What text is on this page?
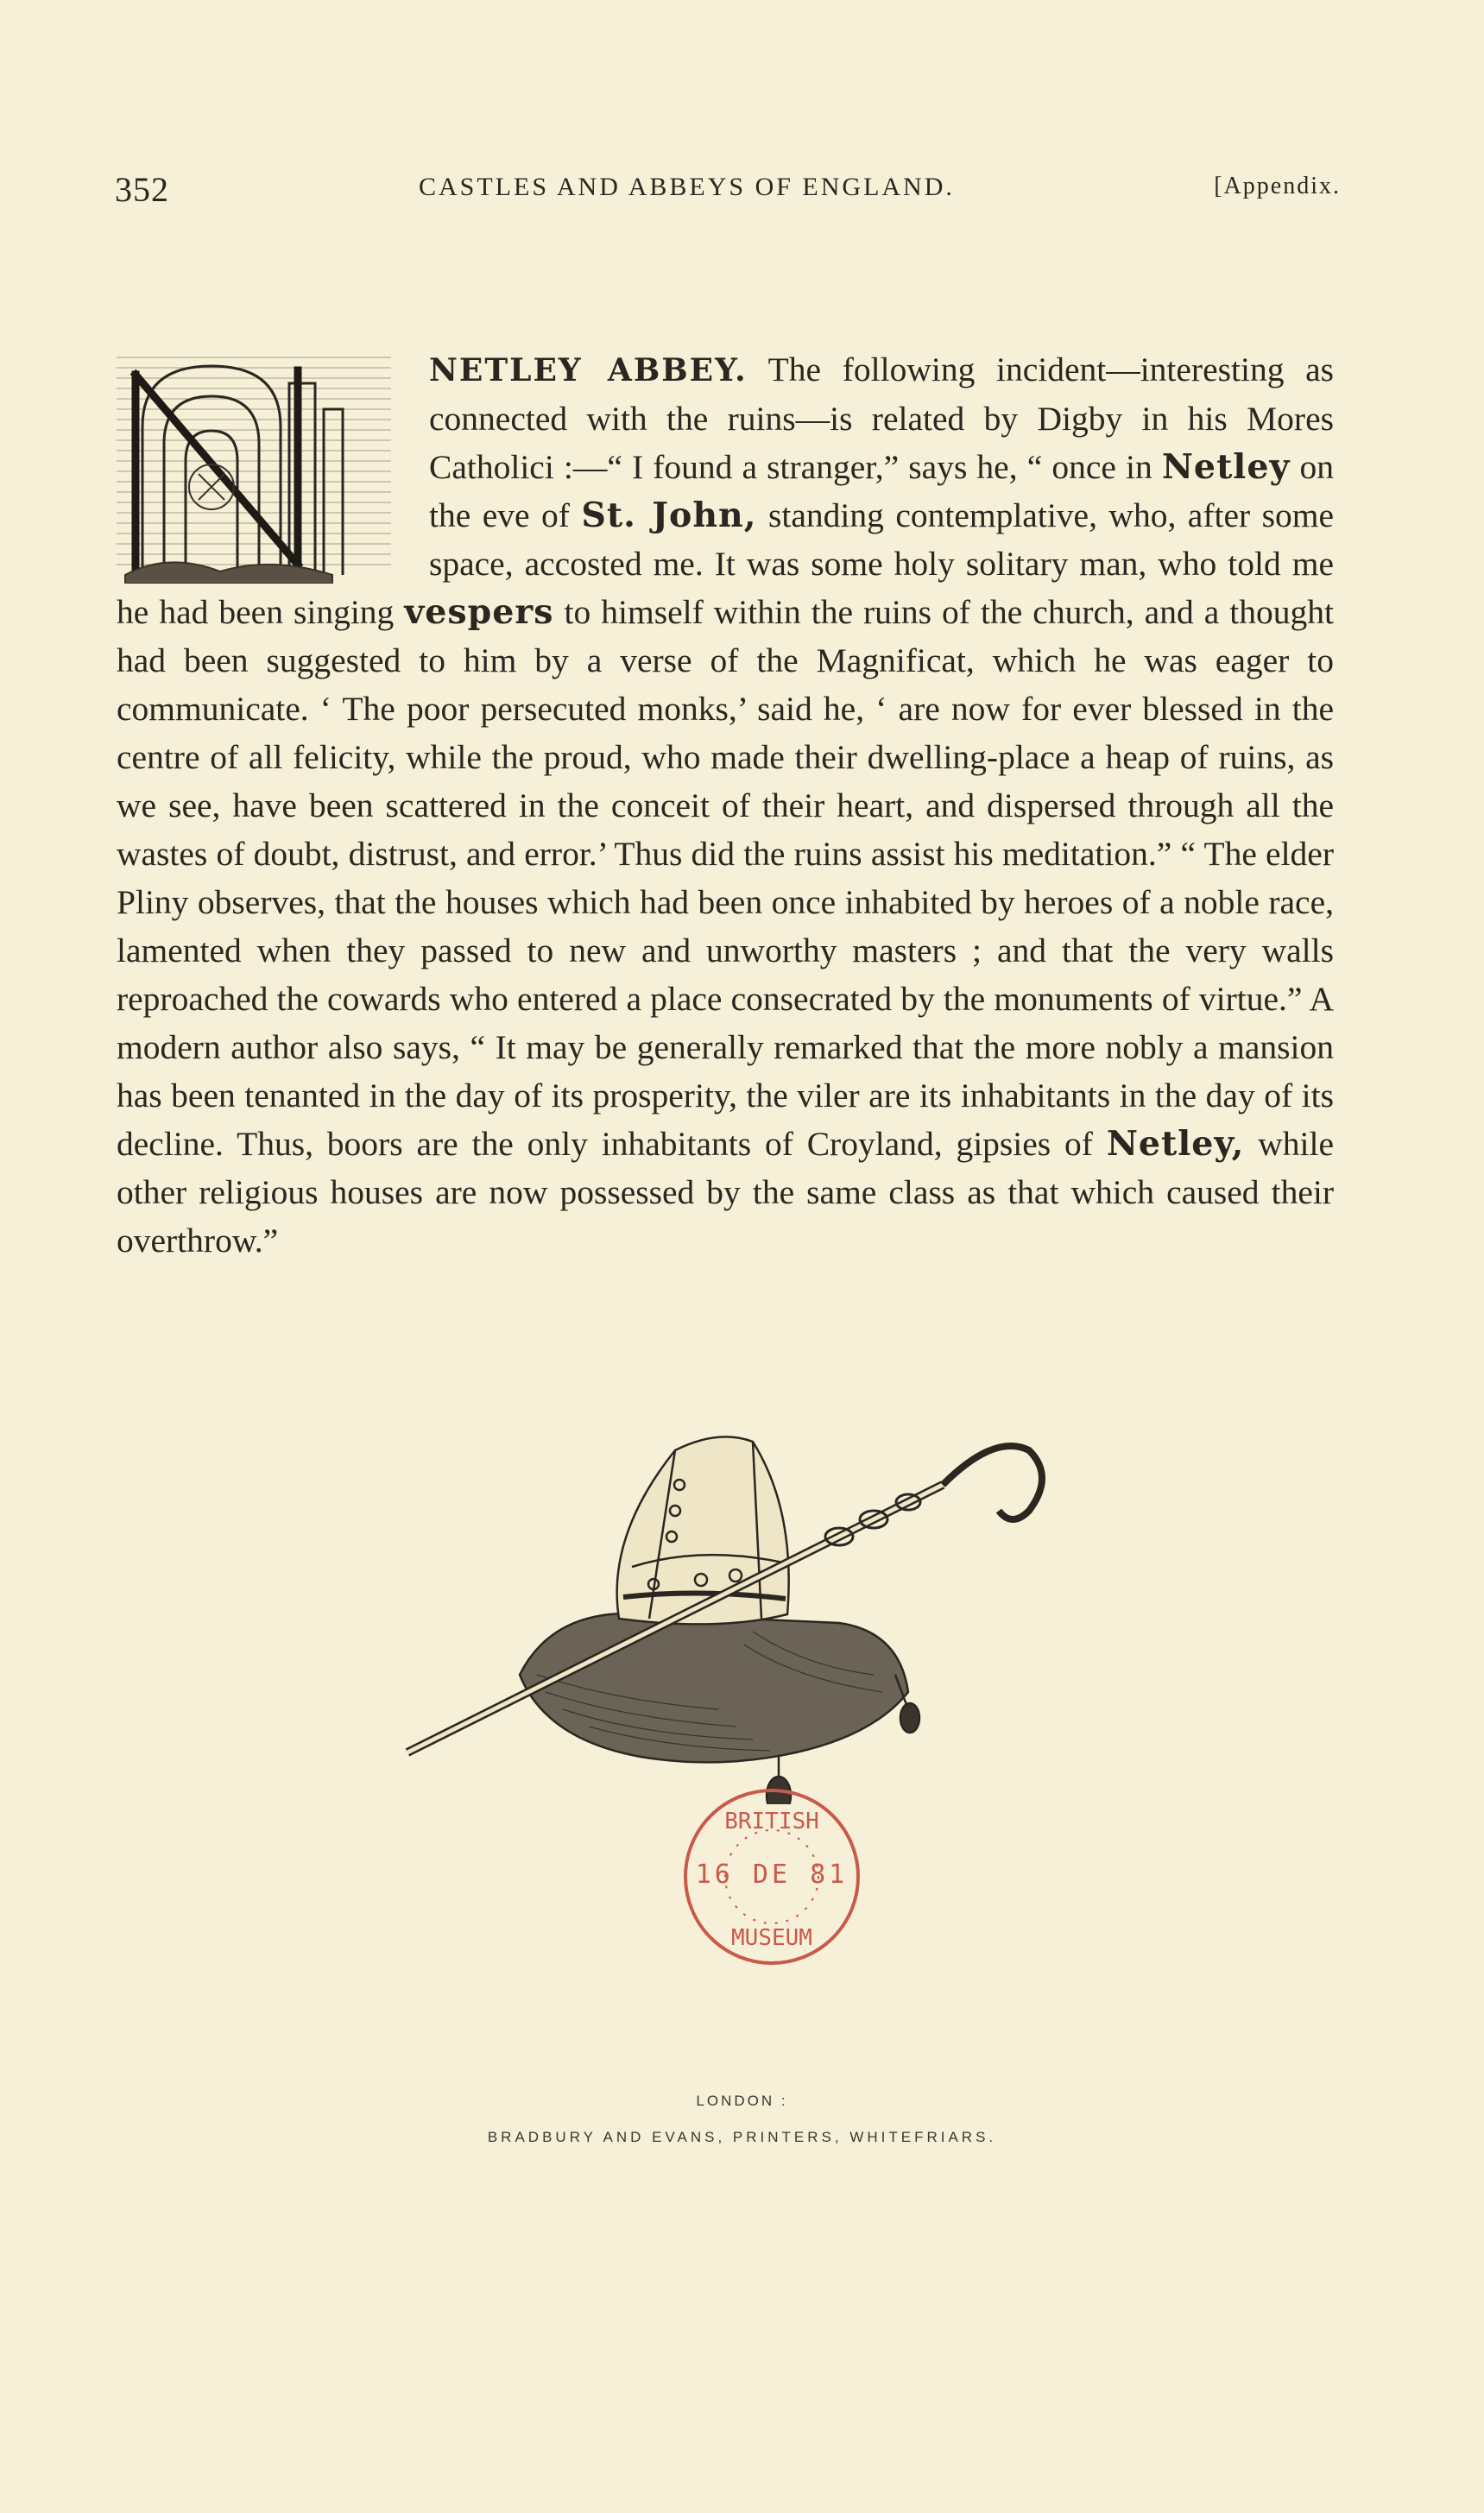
352	CASTLES AND ABBEYS OF ENGLAND.	[Appendix.
NETLEY ABBEY. The following incident—interesting as connected with the ruins—is related by Digby in his Mores Catholici :—“ I found a stranger,” says he, “ once in Netley on the eve of St. John, standing contemplative, who, after some space, accosted me. It was some holy solitary man, who told me he had been singing vespers to himself within the ruins of the church, and a thought had been suggested to him by a verse of the Magnificat, which he was eager to communicate. ‘ The poor persecuted monks,’ said he, ‘ are now for ever blessed in the centre of all felicity, while the proud, who made their dwelling-place a heap of ruins, as we see, have been scattered in the conceit of their heart, and dispersed through all the wastes of doubt, distrust, and error.’ Thus did the ruins assist his meditation.” “ The elder Pliny observes, that the houses which had been once inhabited by heroes of a noble race, lamented when they passed to new and unworthy masters ; and that the very walls reproached the cowards who entered a place consecrated by the monuments of virtue.” A modern author also says, “ It may be generally remarked that the more nobly a mansion has been tenanted in the day of its prosperity, the viler are its inhabitants in the day of its decline. Thus, boors are the only inhabitants of Croyland, gipsies of Netley, while other religious houses are now possessed by the same class as that which caused their overthrow.”
BRITISH
MUSEUM
16 DE 81
LONDON :
BRADBURY AND EVANS, PRINTERS, WHITEFRIARS.
